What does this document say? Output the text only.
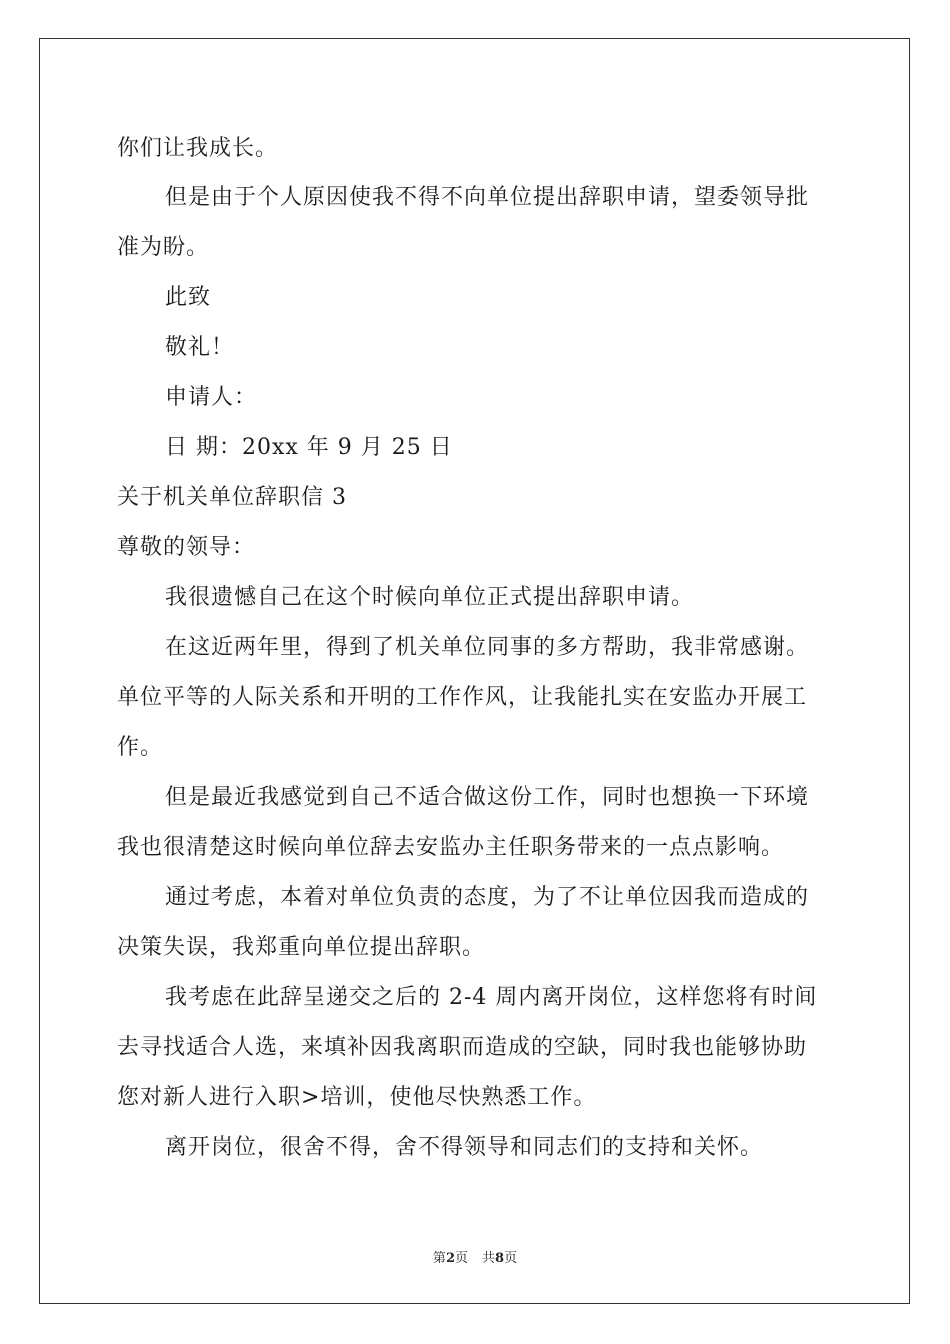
你们让我成长。
但是由于个人原因使我不得不向单位提出辞职申请，望委领导批
准为盼。
此致
敬礼！
申请人：
日 期：20xx 年 9 月 25 日
关于机关单位辞职信 3
尊敬的领导：
我很遗憾自己在这个时候向单位正式提出辞职申请。
在这近两年里，得到了机关单位同事的多方帮助，我非常感谢。
单位平等的人际关系和开明的工作作风，让我能扎实在安监办开展工
作。
但是最近我感觉到自己不适合做这份工作，同时也想换一下环境
我也很清楚这时候向单位辞去安监办主任职务带来的一点点影响。
通过考虑，本着对单位负责的态度，为了不让单位因我而造成的
决策失误，我郑重向单位提出辞职。
我考虑在此辞呈递交之后的 2-4 周内离开岗位，这样您将有时间
去寻找适合人选，来填补因我离职而造成的空缺，同时我也能够协助
您对新人进行入职>培训，使他尽快熟悉工作。
离开岗位，很舍不得，舍不得领导和同志们的支持和关怀。
第2页 共8页
